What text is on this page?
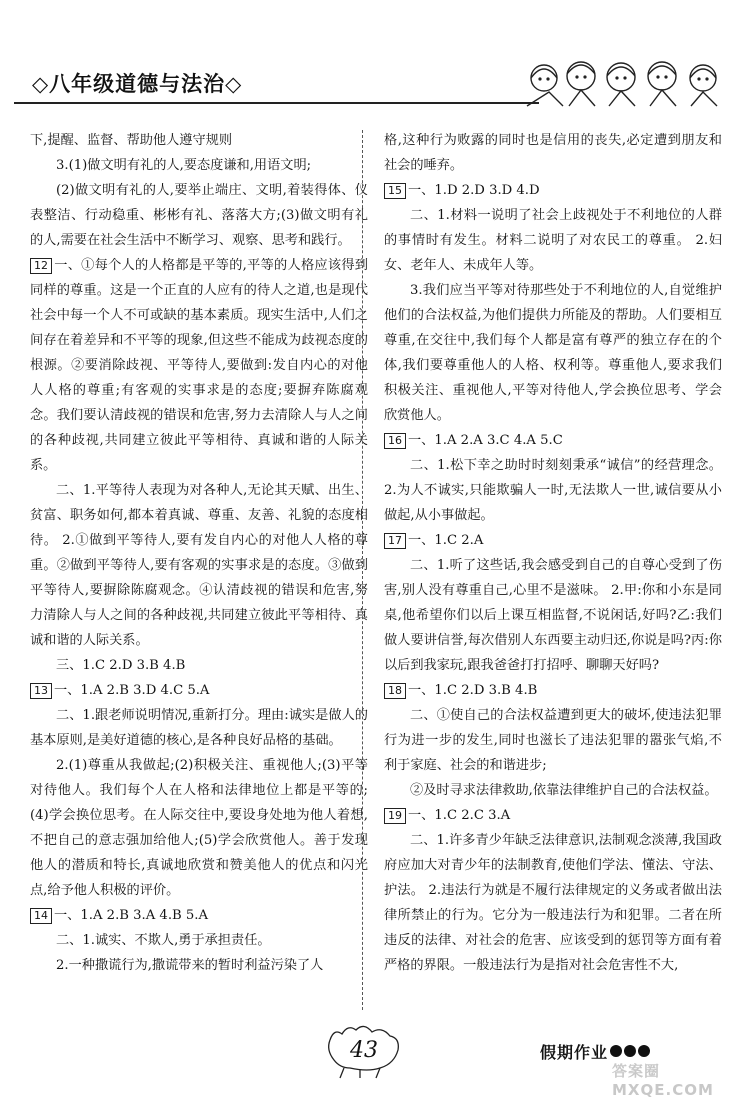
◇八年级道德与法治◇

下,提醒、监督、帮助他人遵守规则

3.(1)做文明有礼的人,要态度谦和,用语文明;

(2)做文明有礼的人,要举止端庄、文明,着装得体、仪表整洁、行动稳重、彬彬有礼、落落大方;(3)做文明有礼的人,需要在社会生活中不断学习、观察、思考和践行。

12 一、①每个人的人格都是平等的,平等的人格应该得到同样的尊重。这是一个正直的人应有的待人之道,也是现代社会中每一个人不可或缺的基本素质。现实生活中,人们之间存在着差异和不平等的现象,但这些不能成为歧视态度的根源。②要消除歧视、平等待人,要做到:发自内心的对他人人格的尊重;有客观的实事求是的态度;要摒弃陈腐观念。我们要认清歧视的错误和危害,努力去清除人与人之间的各种歧视,共同建立彼此平等相待、真诚和谐的人际关系。

二、1.平等待人表现为对各种人,无论其天赋、出生、贫富、职务如何,都本着真诚、尊重、友善、礼貌的态度相待。 2.①做到平等待人,要有发自内心的对他人人格的尊重。②做到平等待人,要有客观的实事求是的态度。③做到平等待人,要摒除陈腐观念。④认清歧视的错误和危害,努力清除人与人之间的各种歧视,共同建立彼此平等相待、真诚和谐的人际关系。

三、1.C 2.D 3.B 4.B

13 一、1.A 2.B 3.D 4.C 5.A

二、1.跟老师说明情况,重新打分。理由:诚实是做人的基本原则,是美好道德的核心,是各种良好品格的基础。

2.(1)尊重从我做起;(2)积极关注、重视他人;(3)平等对待他人。我们每个人在人格和法律地位上都是平等的;(4)学会换位思考。在人际交往中,要设身处地为他人着想,不把自己的意志强加给他人;(5)学会欣赏他人。善于发现他人的潜质和特长,真诚地欣赏和赞美他人的优点和闪光点,给予他人积极的评价。

14 一、1.A 2.B 3.A 4.B 5.A

二、1.诚实、不欺人,勇于承担责任。

2.一种撒谎行为,撒谎带来的暂时利益污染了人

格,这种行为败露的同时也是信用的丧失,必定遭到朋友和社会的唾弃。

15 一、1.D 2.D 3.D 4.D

二、1.材料一说明了社会上歧视处于不利地位的人群的事情时有发生。材料二说明了对农民工的尊重。 2.妇女、老年人、未成年人等。

3.我们应当平等对待那些处于不利地位的人,自觉维护他们的合法权益,为他们提供力所能及的帮助。人们要相互尊重,在交往中,我们每个人都是富有尊严的独立存在的个体,我们要尊重他人的人格、权利等。尊重他人,要求我们积极关注、重视他人,平等对待他人,学会换位思考、学会欣赏他人。

16 一、1.A 2.A 3.C 4.A 5.C

二、1.松下幸之助时时刻刻秉承“诚信”的经营理念。 2.为人不诚实,只能欺骗人一时,无法欺人一世,诚信要从小做起,从小事做起。

17 一、1.C 2.A

二、1.听了这些话,我会感受到自己的自尊心受到了伤害,别人没有尊重自己,心里不是滋味。 2.甲:你和小东是同桌,他希望你们以后上课互相监督,不说闲话,好吗?乙:我们做人要讲信誉,每次借别人东西要主动归还,你说是吗?丙:你以后到我家玩,跟我爸爸打打招呼、聊聊天好吗?

18 一、1.C 2.D 3.B 4.B

二、①使自己的合法权益遭到更大的破坏,使违法犯罪行为进一步的发生,同时也滋长了违法犯罪的嚣张气焰,不利于家庭、社会的和谐进步;

②及时寻求法律救助,依靠法律维护自己的合法权益。

19 一、1.C 2.C 3.A

二、1.许多青少年缺乏法律意识,法制观念淡薄,我国政府应加大对青少年的法制教育,使他们学法、懂法、守法、护法。 2.违法行为就是不履行法律规定的义务或者做出法律所禁止的行为。它分为一般违法行为和犯罪。二者在所违反的法律、对社会的危害、应该受到的惩罚等方面有着严格的界限。一般违法行为是指对社会危害性不大,

43	假期作业
答案圈 MXQE.COM
